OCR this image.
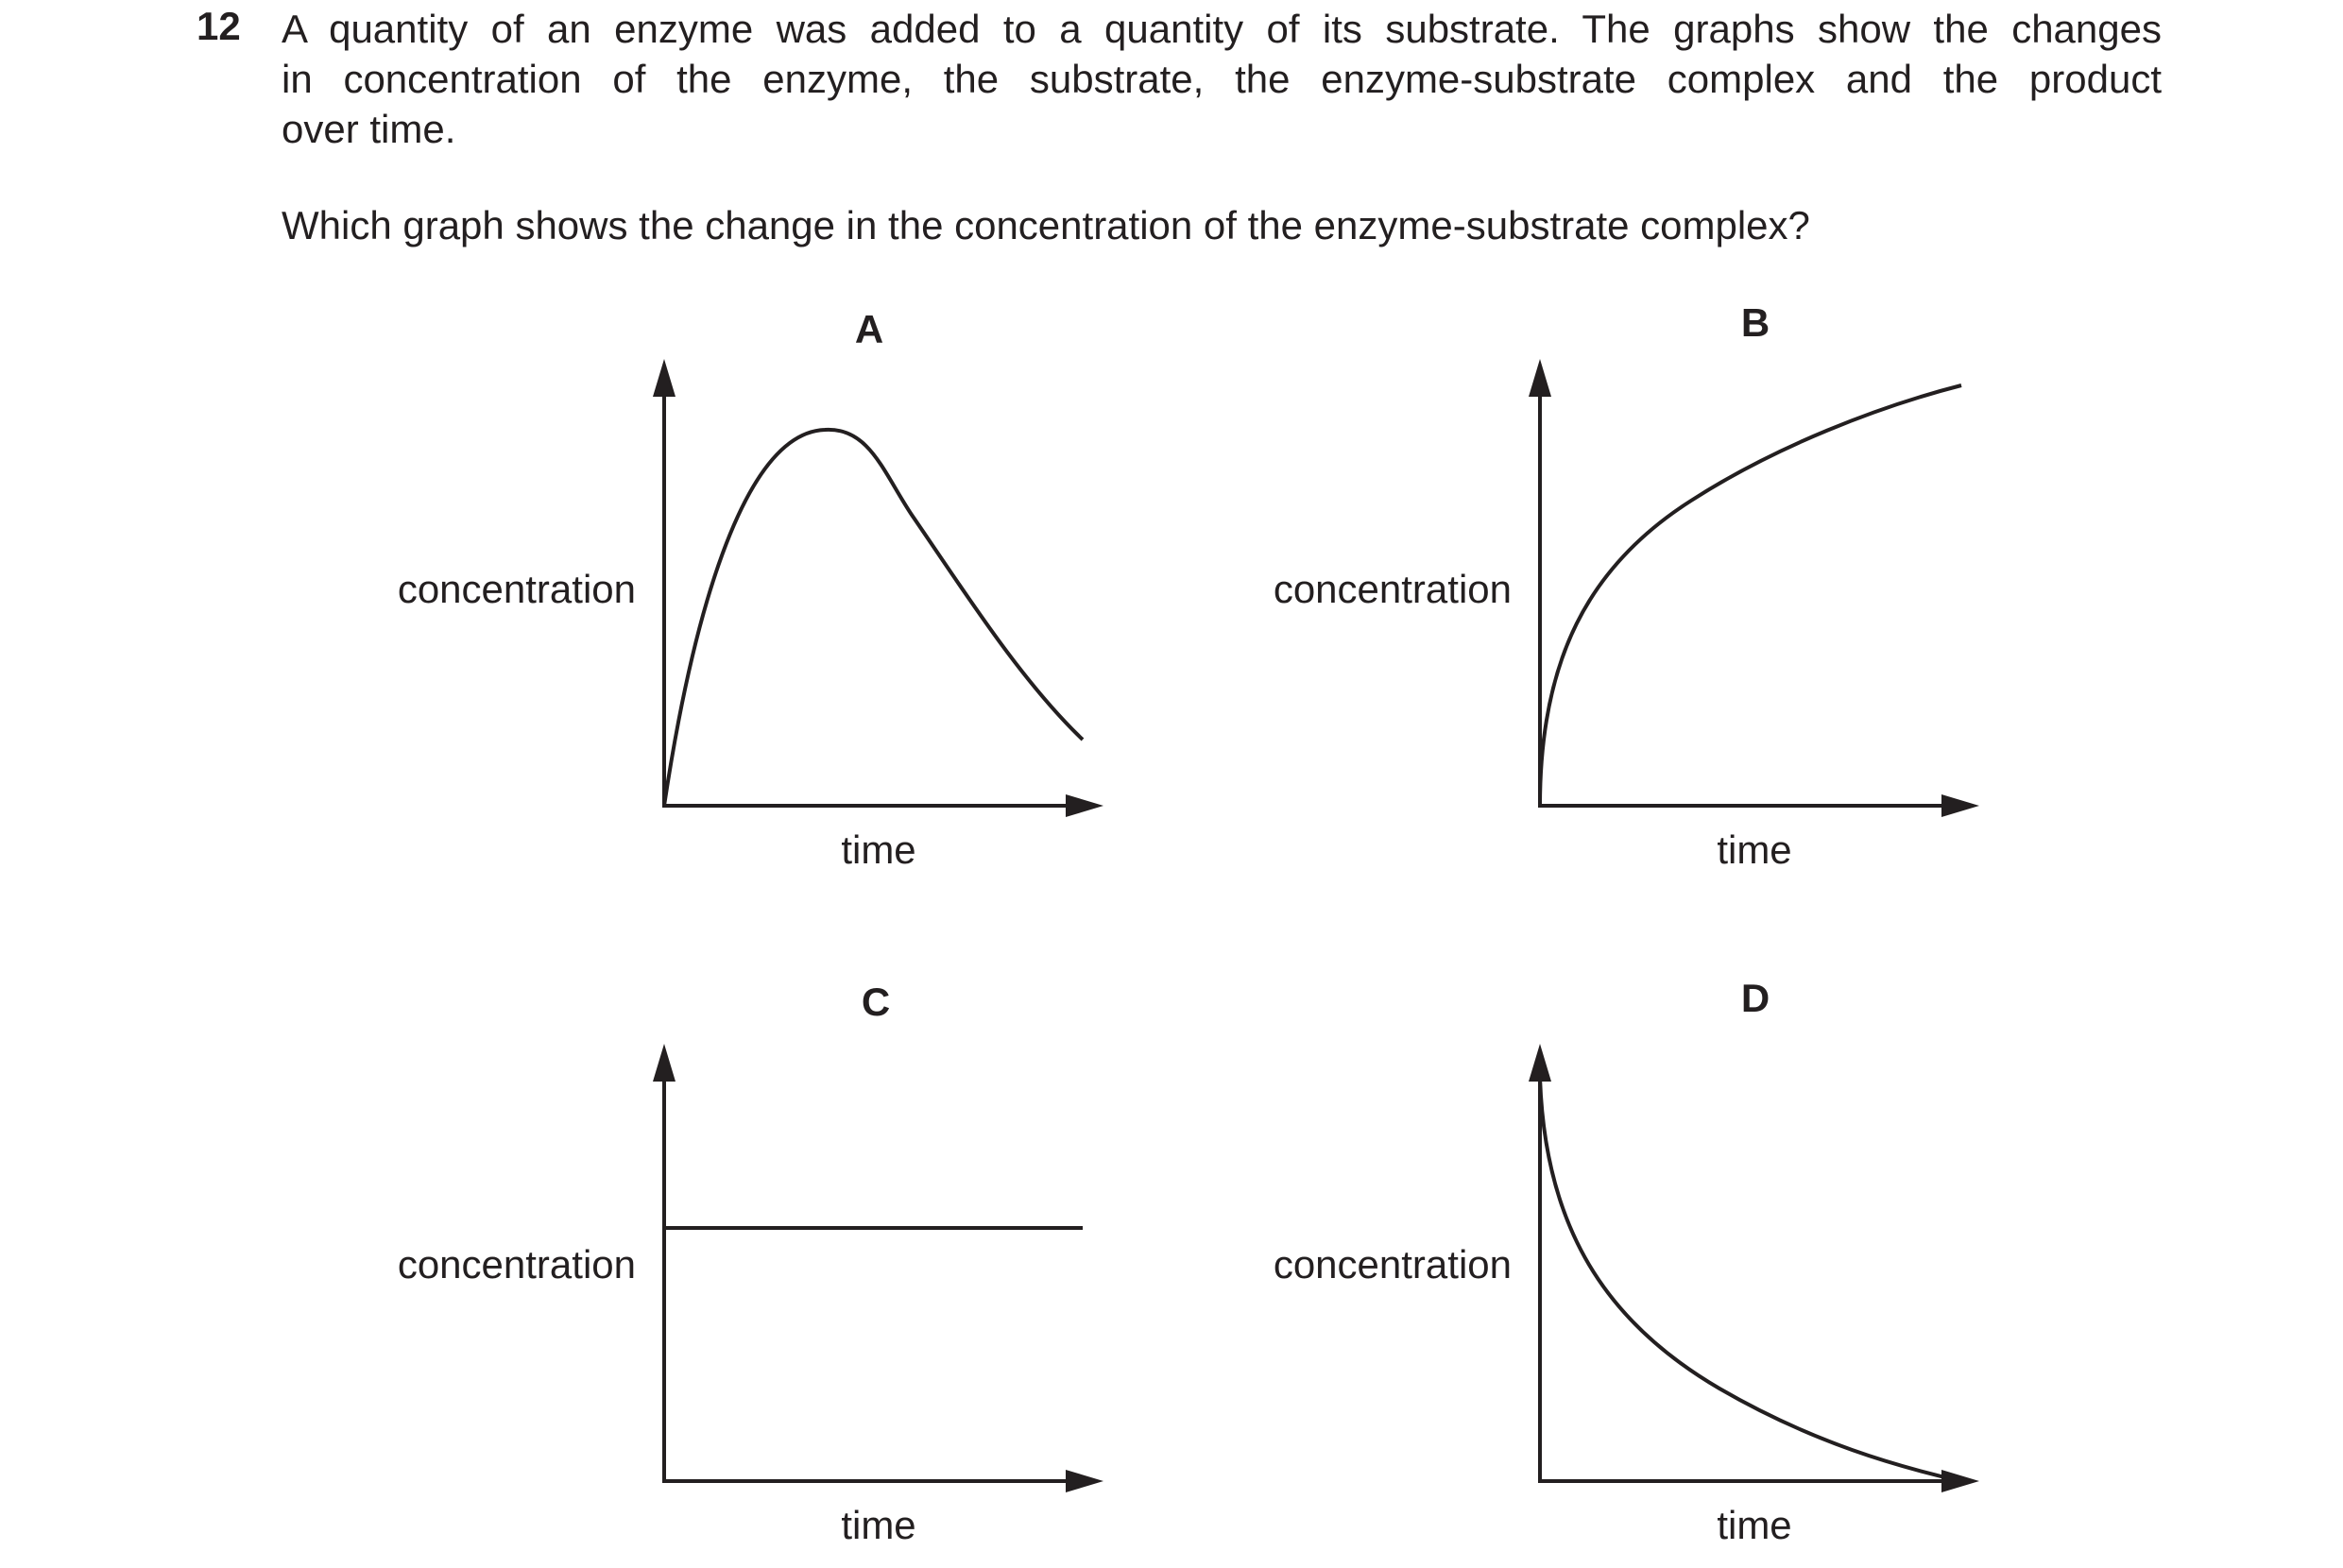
12 A quantity of an enzyme was added to a quantity of its substrate. The graphs show the changes
in concentration of the enzyme, the substrate, the enzyme-substrate complex and the product
over time.
Which graph shows the change in the concentration of the enzyme-substrate complex?
A
concentration
time
B
concentration
time
C
concentration
time
D
concentration
time
